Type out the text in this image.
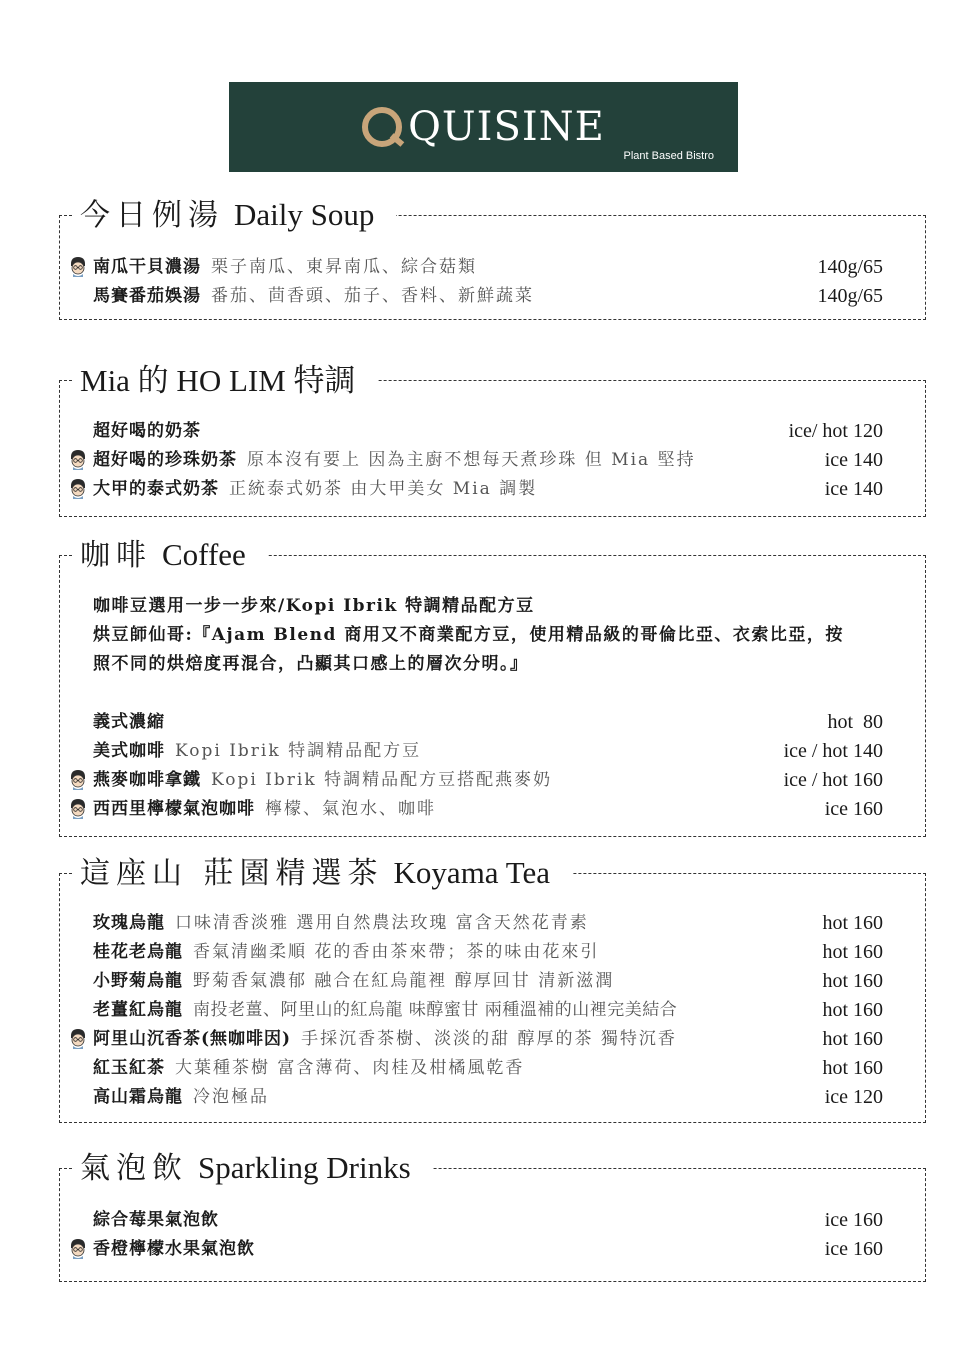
QUISINE
Plant Based Bistro
今日例湯 Daily Soup
南瓜干貝濃湯 栗子南瓜、東昇南瓜、綜合菇類	140g/65
馬賽番茄娛湯 番茄、茴香頭、茄子、香料、新鮮蔬菜	140g/65
Mia 的 HO LIM 特調
超好喝的奶茶	ice/ hot 120
超好喝的珍珠奶茶 原本沒有要上 因為主廚不想每天煮珍珠 但 Mia 堅持	ice 140
大甲的泰式奶茶 正統泰式奶茶 由大甲美女 Mia 調製	ice 140
咖啡 Coffee
咖啡豆選用一步一步來/Kopi Ibrik 特調精品配方豆
烘豆師仙哥:『Ajam Blend 商用又不商業配方豆，使用精品級的哥倫比亞、衣索比亞，按
照不同的烘焙度再混合，凸顯其口感上的層次分明。』
義式濃縮	hot  80
美式咖啡 Kopi Ibrik 特調精品配方豆	ice / hot 140
燕麥咖啡拿鐵 Kopi Ibrik 特調精品配方豆搭配燕麥奶	ice / hot 160
西西里檸檬氣泡咖啡 檸檬、氣泡水、咖啡	ice 160
這座山 莊園精選茶 Koyama Tea
玫瑰烏龍 口味清香淡雅 選用自然農法玫瑰 富含天然花青素	hot 160
桂花老烏龍 香氣清幽柔順 花的香由茶來帶；茶的味由花來引	hot 160
小野菊烏龍 野菊香氣濃郁 融合在紅烏龍裡 醇厚回甘 清新滋潤	hot 160
老薑紅烏龍 南投老薑、阿里山的紅烏龍 味醇蜜甘 兩種溫補的山裡完美結合	hot 160
阿里山沉香茶(無咖啡因) 手採沉香茶樹、淡淡的甜 醇厚的茶 獨特沉香	hot 160
紅玉紅茶 大葉種茶樹 富含薄荷、肉桂及柑橘風乾香	hot 160
高山霜烏龍 冷泡極品	ice 120
氣泡飲 Sparkling Drinks
綜合莓果氣泡飲	ice 160
香橙檸檬水果氣泡飲	ice 160
